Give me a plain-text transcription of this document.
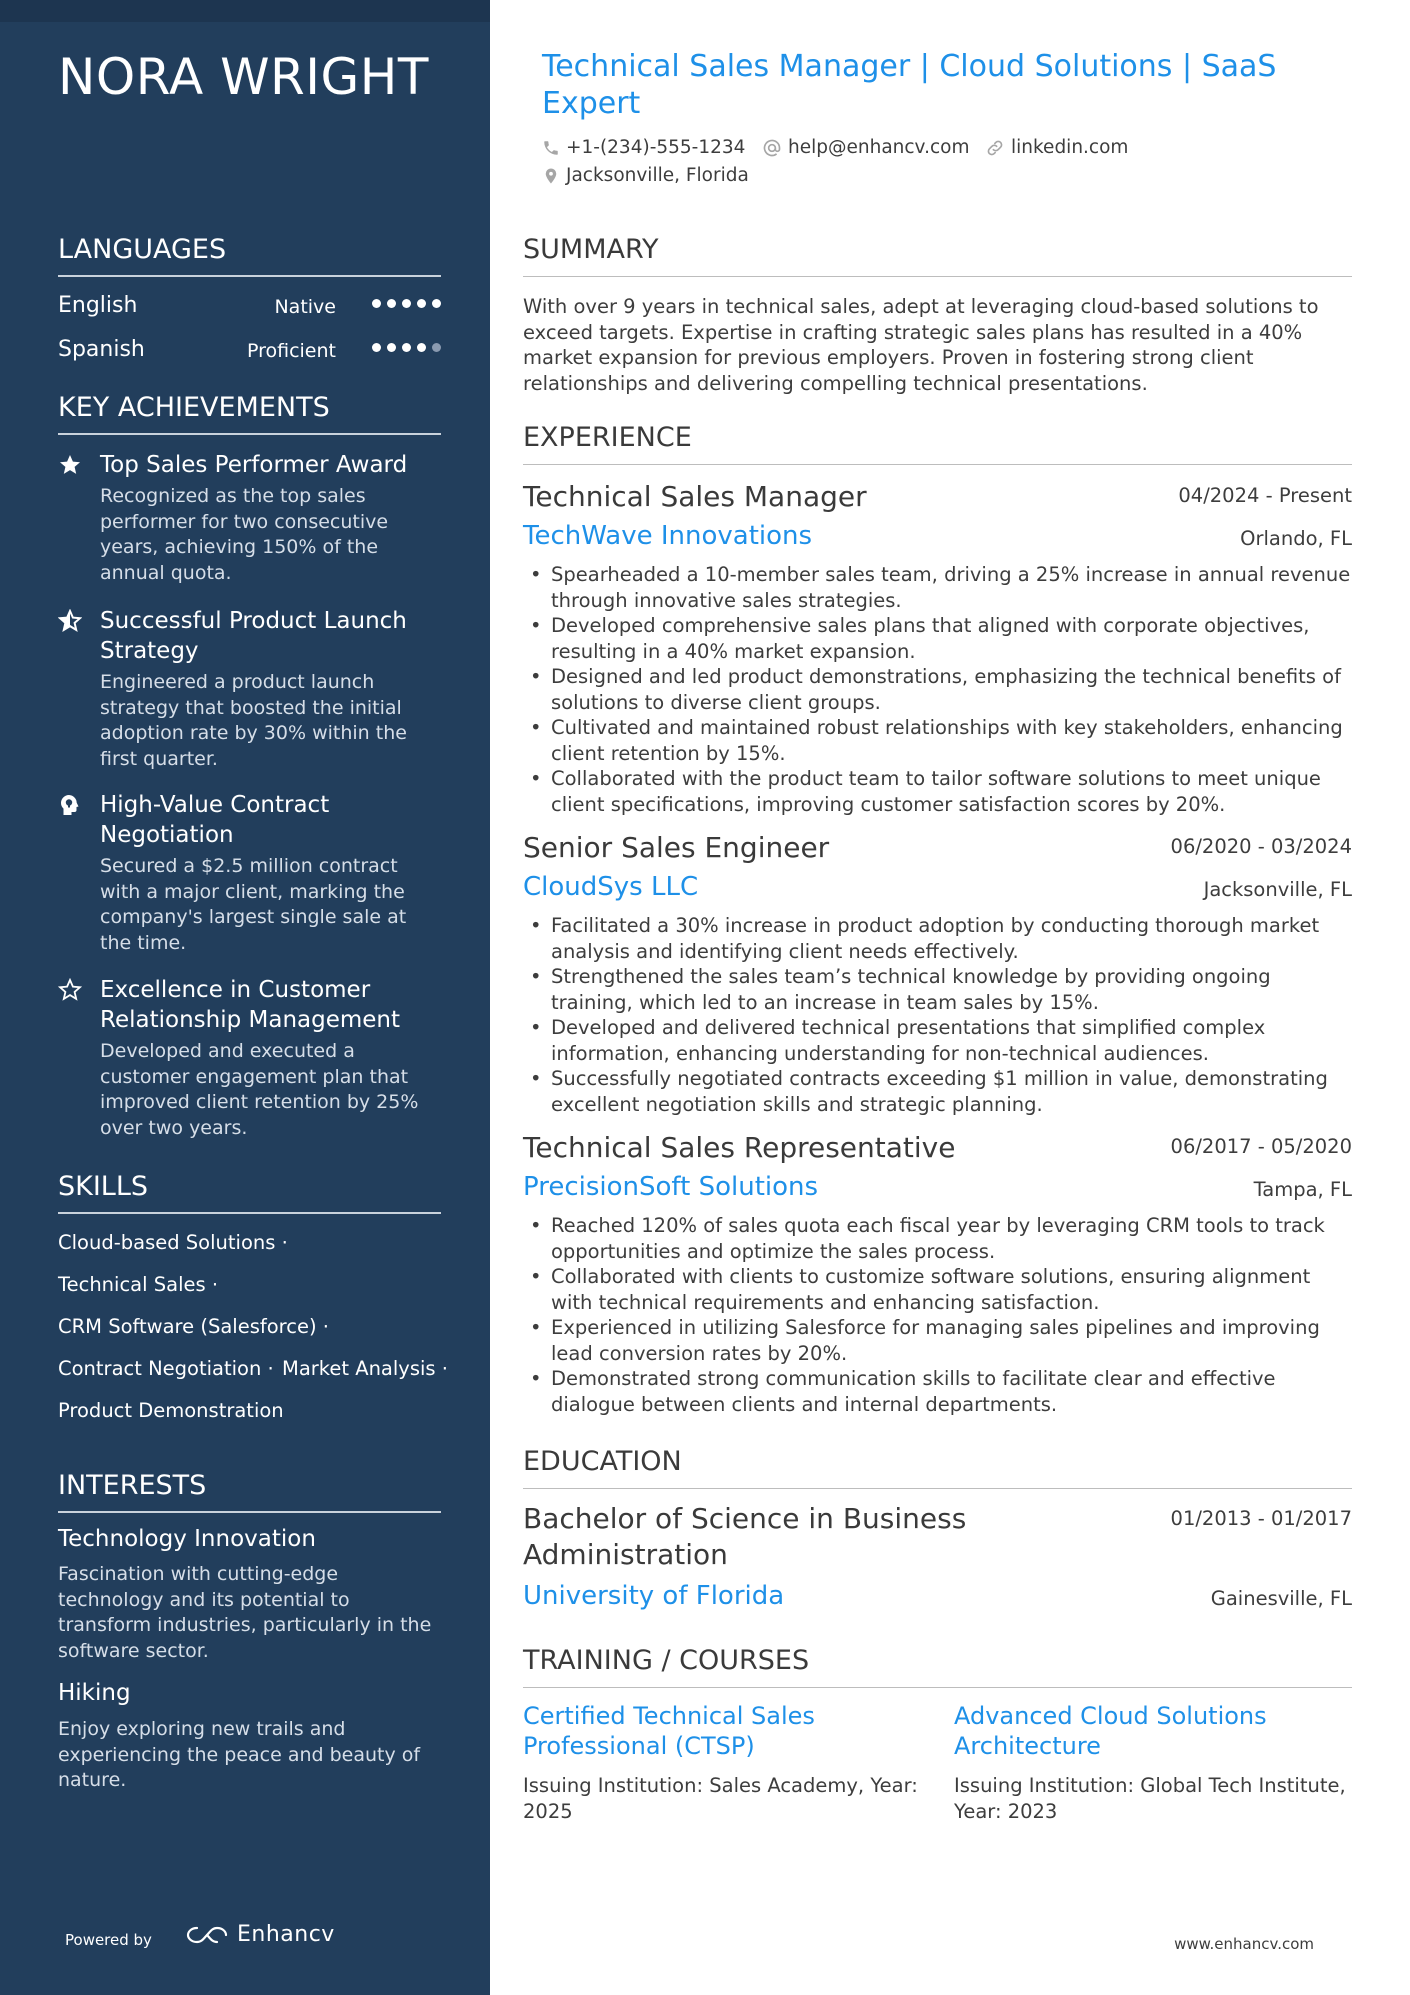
NORA WRIGHT
LANGUAGES
English	Native
Spanish	Proficient
KEY ACHIEVEMENTS
Top Sales Performer Award
Recognized as the top sales performer for two consecutive years, achieving 150% of the annual quota.
Successful Product Launch Strategy
Engineered a product launch strategy that boosted the initial adoption rate by 30% within the first quarter.
High-Value Contract Negotiation
Secured a $2.5 million contract with a major client, marking the company's largest single sale at the time.
Excellence in Customer Relationship Management
Developed and executed a customer engagement plan that improved client retention by 25% over two years.
SKILLS
Cloud-based Solutions ·
Technical Sales ·
CRM Software (Salesforce) ·
Contract Negotiation · Market Analysis ·
Product Demonstration
INTERESTS
Technology Innovation
Fascination with cutting-edge technology and its potential to transform industries, particularly in the software sector.
Hiking
Enjoy exploring new trails and experiencing the peace and beauty of nature.
Powered by	Enhancv
Technical Sales Manager | Cloud Solutions | SaaS Expert
+1-(234)-555-1234 help@enhancv.com linkedin.com
Jacksonville, Florida
SUMMARY
With over 9 years in technical sales, adept at leveraging cloud-based solutions to exceed targets. Expertise in crafting strategic sales plans has resulted in a 40% market expansion for previous employers. Proven in fostering strong client relationships and delivering compelling technical presentations.
EXPERIENCE
Technical Sales Manager	04/2024 - Present
TechWave Innovations	Orlando, FL
• Spearheaded a 10-member sales team, driving a 25% increase in annual revenue through innovative sales strategies.
• Developed comprehensive sales plans that aligned with corporate objectives, resulting in a 40% market expansion.
• Designed and led product demonstrations, emphasizing the technical benefits of solutions to diverse client groups.
• Cultivated and maintained robust relationships with key stakeholders, enhancing client retention by 15%.
• Collaborated with the product team to tailor software solutions to meet unique client specifications, improving customer satisfaction scores by 20%.
Senior Sales Engineer	06/2020 - 03/2024
CloudSys LLC	Jacksonville, FL
• Facilitated a 30% increase in product adoption by conducting thorough market analysis and identifying client needs effectively.
• Strengthened the sales team’s technical knowledge by providing ongoing training, which led to an increase in team sales by 15%.
• Developed and delivered technical presentations that simplified complex information, enhancing understanding for non-technical audiences.
• Successfully negotiated contracts exceeding $1 million in value, demonstrating excellent negotiation skills and strategic planning.
Technical Sales Representative	06/2017 - 05/2020
PrecisionSoft Solutions	Tampa, FL
• Reached 120% of sales quota each fiscal year by leveraging CRM tools to track opportunities and optimize the sales process.
• Collaborated with clients to customize software solutions, ensuring alignment with technical requirements and enhancing satisfaction.
• Experienced in utilizing Salesforce for managing sales pipelines and improving lead conversion rates by 20%.
• Demonstrated strong communication skills to facilitate clear and effective dialogue between clients and internal departments.
EDUCATION
Bachelor of Science in Business Administration
01/2013 - 01/2017
University of Florida	Gainesville, FL
TRAINING / COURSES
Certified Technical Sales Professional (CTSP)
Issuing Institution: Sales Academy, Year: 2025
Advanced Cloud Solutions Architecture
Issuing Institution: Global Tech Institute, Year: 2023
www.enhancv.com
